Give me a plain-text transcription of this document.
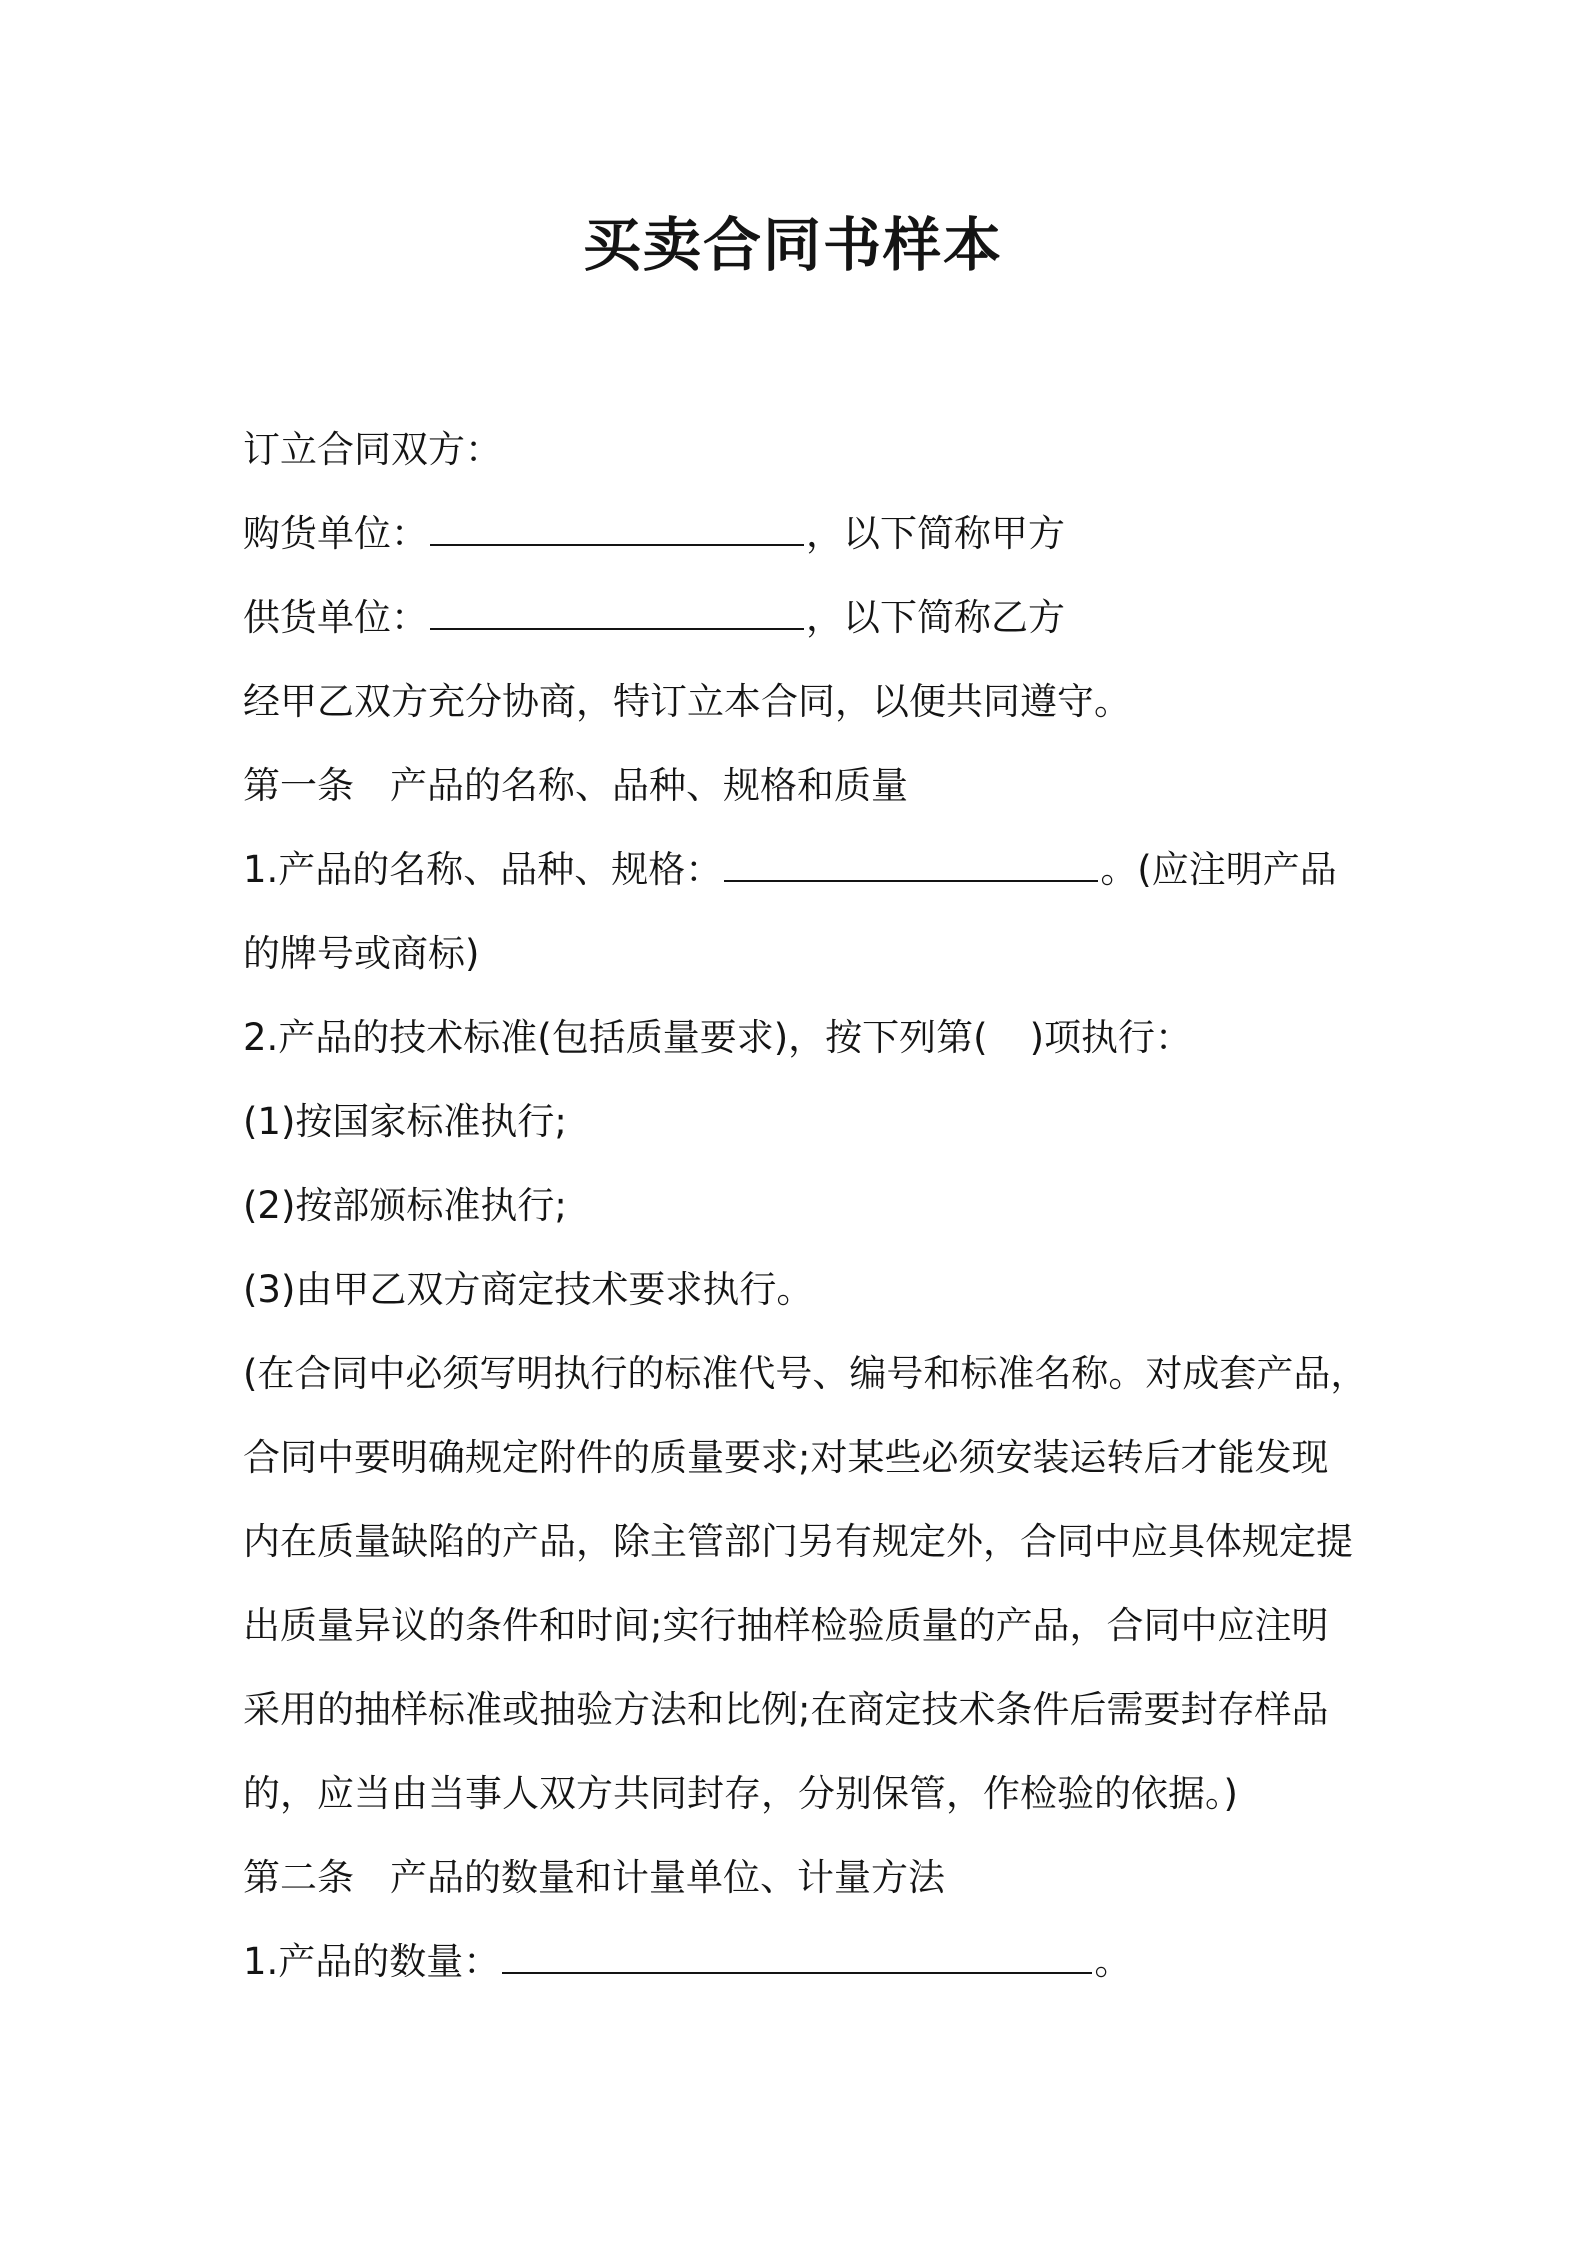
买卖合同书样本
订立合同双方：
购货单位：	，以下简称甲方
供货单位：	，以下简称乙方
经甲乙双方充分协商，特订立本合同，以便共同遵守。
第一条 产品的名称、品种、规格和质量
1.产品的名称、品种、规格：	。(应注明产品
的牌号或商标)
2.产品的技术标准(包括质量要求)，按下列第( )项执行：
(1)按国家标准执行;
(2)按部颁标准执行;
(3)由甲乙双方商定技术要求执行。
(在合同中必须写明执行的标准代号、编号和标准名称。对成套产品，
合同中要明确规定附件的质量要求;对某些必须安装运转后才能发现
内在质量缺陷的产品，除主管部门另有规定外，合同中应具体规定提
出质量异议的条件和时间;实行抽样检验质量的产品，合同中应注明
采用的抽样标准或抽验方法和比例;在商定技术条件后需要封存样品
的，应当由当事人双方共同封存，分别保管，作检验的依据。)
第二条 产品的数量和计量单位、计量方法
1.产品的数量：	。
